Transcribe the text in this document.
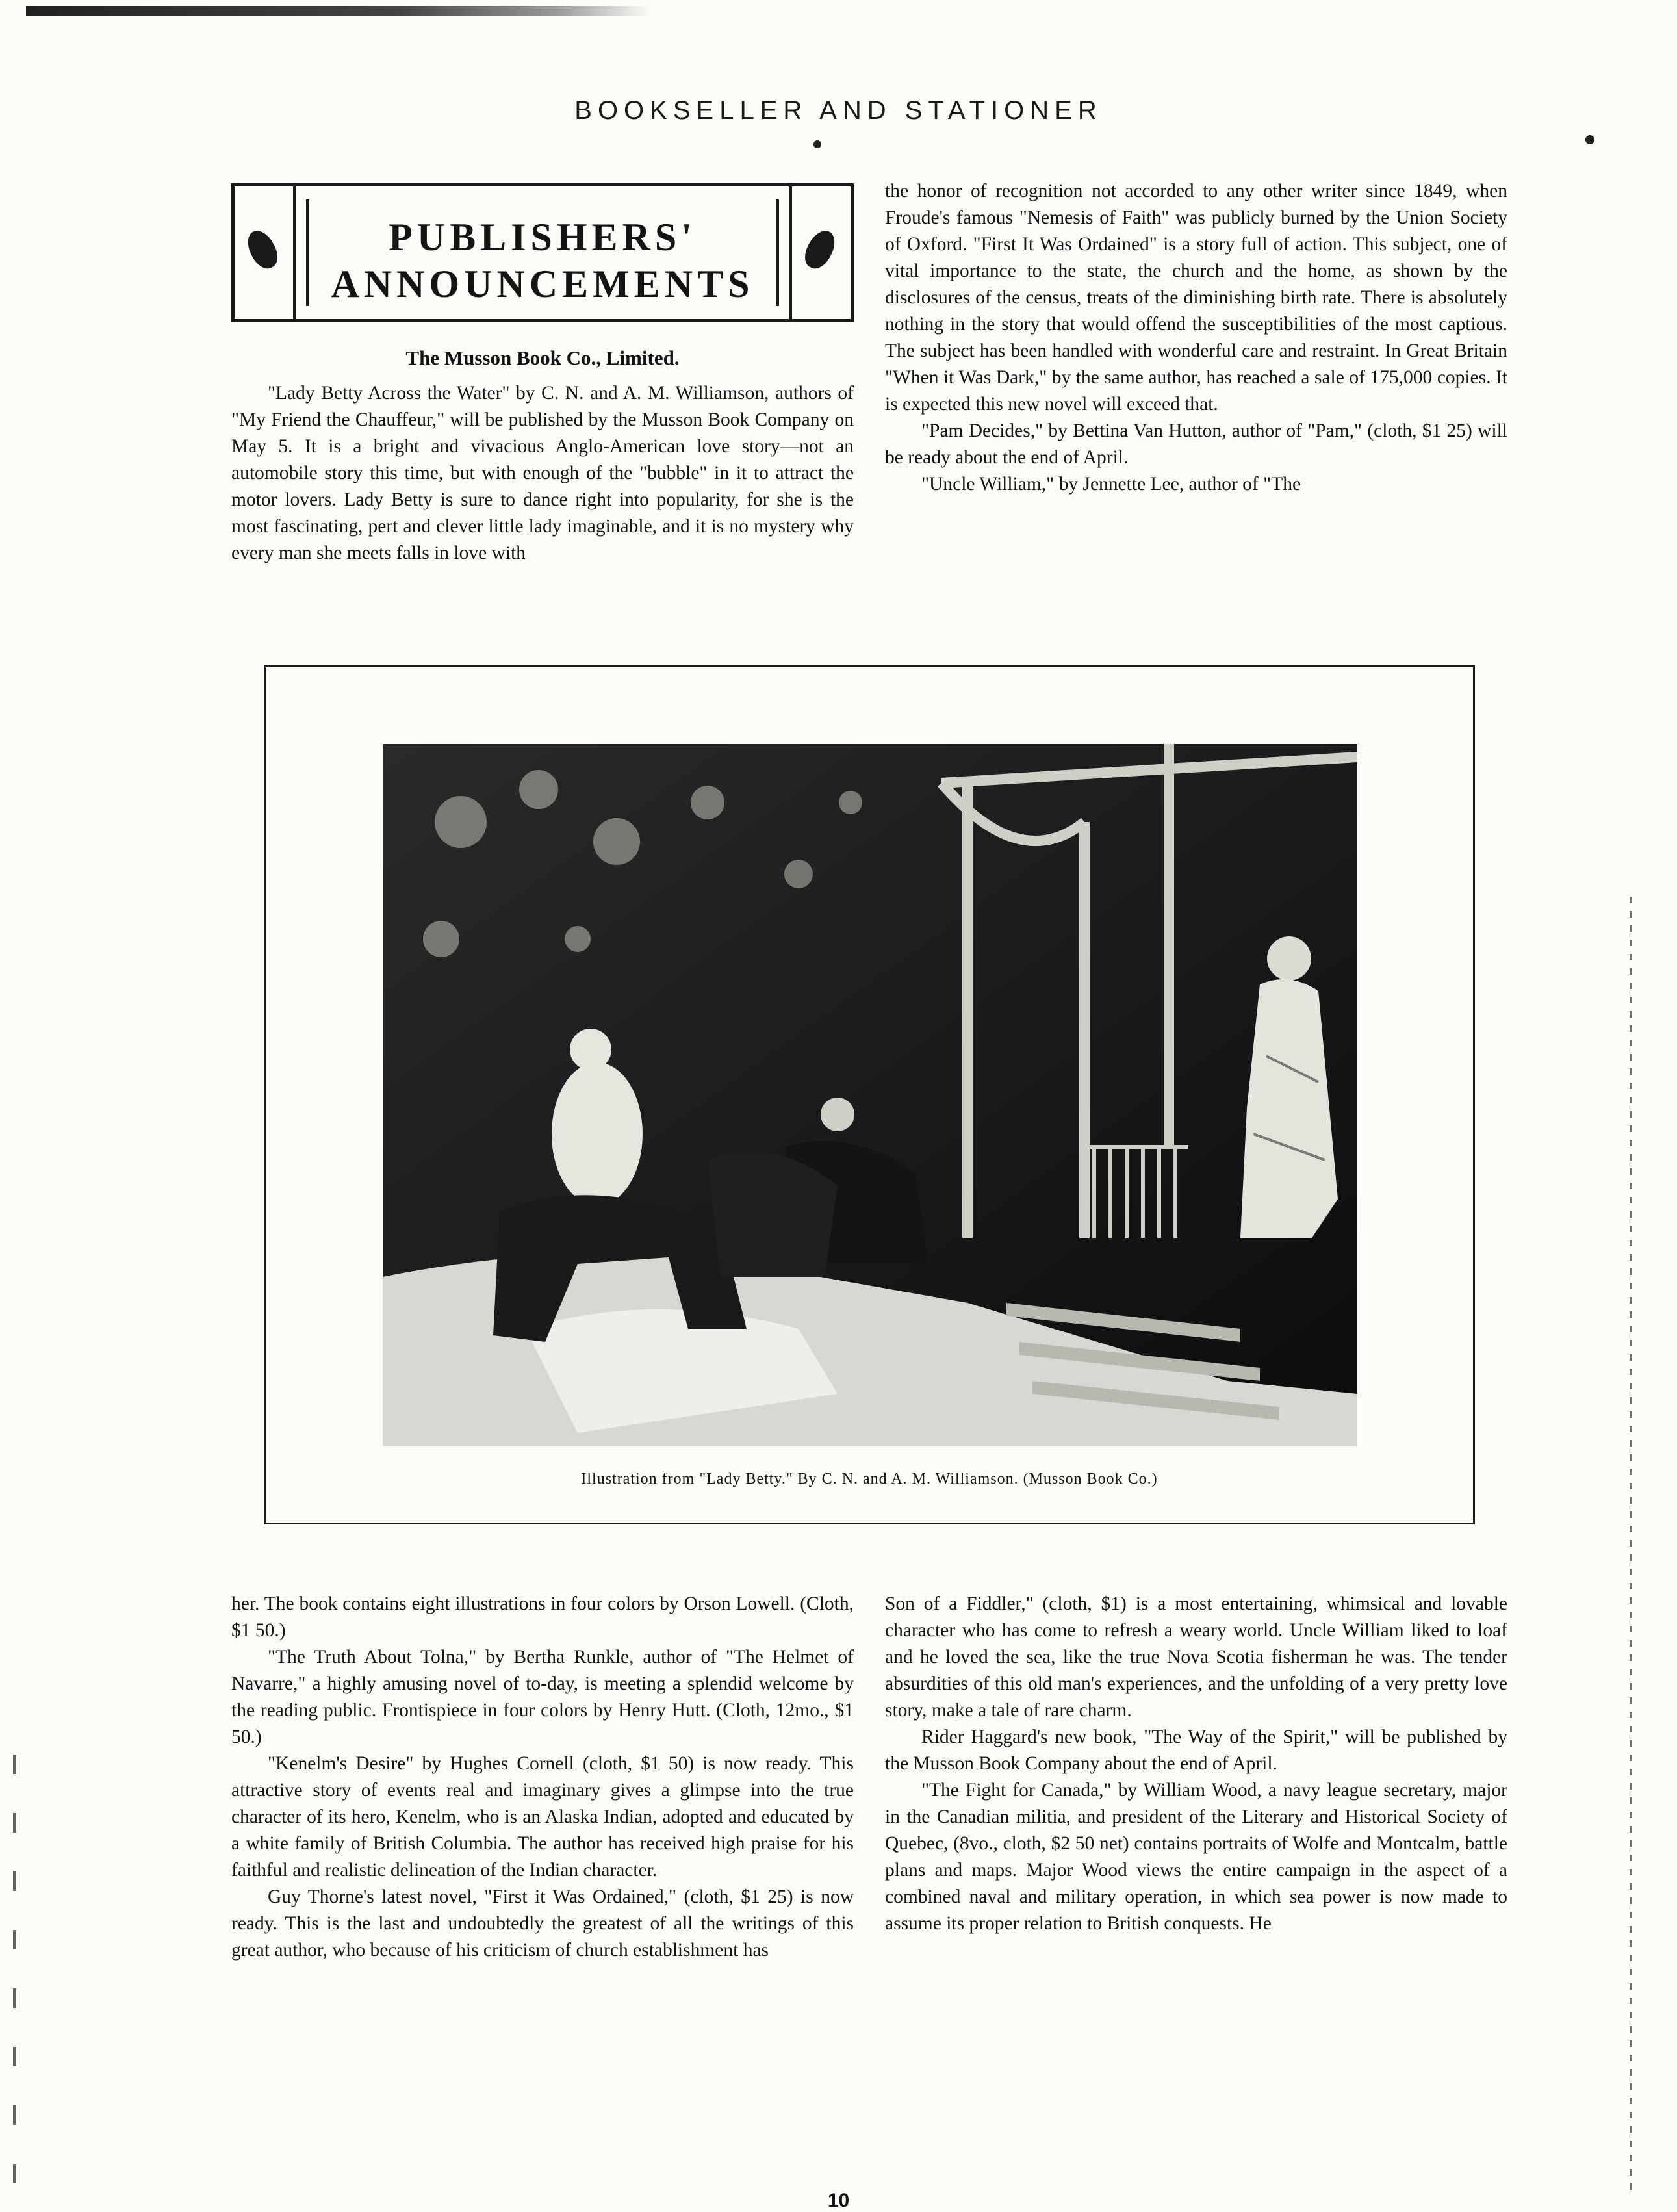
BOOKSELLER AND STATIONER
PUBLISHERS'
ANNOUNCEMENTS
The Musson Book Co., Limited.

"Lady Betty Across the Water" by C. N. and A. M. Williamson, authors of "My Friend the Chauffeur," will be published by the Musson Book Company on May 5. It is a bright and vivacious Anglo-American love story—not an automobile story this time, but with enough of the "bubble" in it to attract the motor lovers. Lady Betty is sure to dance right into popularity, for she is the most fascinating, pert and clever little lady imaginable, and it is no mystery why every man she meets falls in love with

the honor of recognition not accorded to any other writer since 1849, when Froude's famous "Nemesis of Faith" was publicly burned by the Union Society of Oxford. "First It Was Ordained" is a story full of action. This subject, one of vital importance to the state, the church and the home, as shown by the disclosures of the census, treats of the diminishing birth rate. There is absolutely nothing in the story that would offend the susceptibilities of the most captious. The subject has been handled with wonderful care and restraint. In Great Britain "When it Was Dark," by the same author, has reached a sale of 175,000 copies. It is expected this new novel will exceed that.

"Pam Decides," by Bettina Van Hutton, author of "Pam," (cloth, $1 25) will be ready about the end of April.

"Uncle William," by Jennette Lee, author of "The

Illustration from "Lady Betty." By C. N. and A. M. Williamson. (Musson Book Co.)

her. The book contains eight illustrations in four colors by Orson Lowell. (Cloth, $1 50.)

"The Truth About Tolna," by Bertha Runkle, author of "The Helmet of Navarre," a highly amusing novel of to-day, is meeting a splendid welcome by the reading public. Frontispiece in four colors by Henry Hutt. (Cloth, 12mo., $1 50.)

"Kenelm's Desire" by Hughes Cornell (cloth, $1 50) is now ready. This attractive story of events real and imaginary gives a glimpse into the true character of its hero, Kenelm, who is an Alaska Indian, adopted and educated by a white family of British Columbia. The author has received high praise for his faithful and realistic delineation of the Indian character.

Guy Thorne's latest novel, "First it Was Ordained," (cloth, $1 25) is now ready. This is the last and undoubtedly the greatest of all the writings of this great author, who because of his criticism of church establishment has

Son of a Fiddler," (cloth, $1) is a most entertaining, whimsical and lovable character who has come to refresh a weary world. Uncle William liked to loaf and he loved the sea, like the true Nova Scotia fisherman he was. The tender absurdities of this old man's experiences, and the unfolding of a very pretty love story, make a tale of rare charm.

Rider Haggard's new book, "The Way of the Spirit," will be published by the Musson Book Company about the end of April.

"The Fight for Canada," by William Wood, a navy league secretary, major in the Canadian militia, and president of the Literary and Historical Society of Quebec, (8vo., cloth, $2 50 net) contains portraits of Wolfe and Montcalm, battle plans and maps. Major Wood views the entire campaign in the aspect of a combined naval and military operation, in which sea power is now made to assume its proper relation to British conquests. He

10
